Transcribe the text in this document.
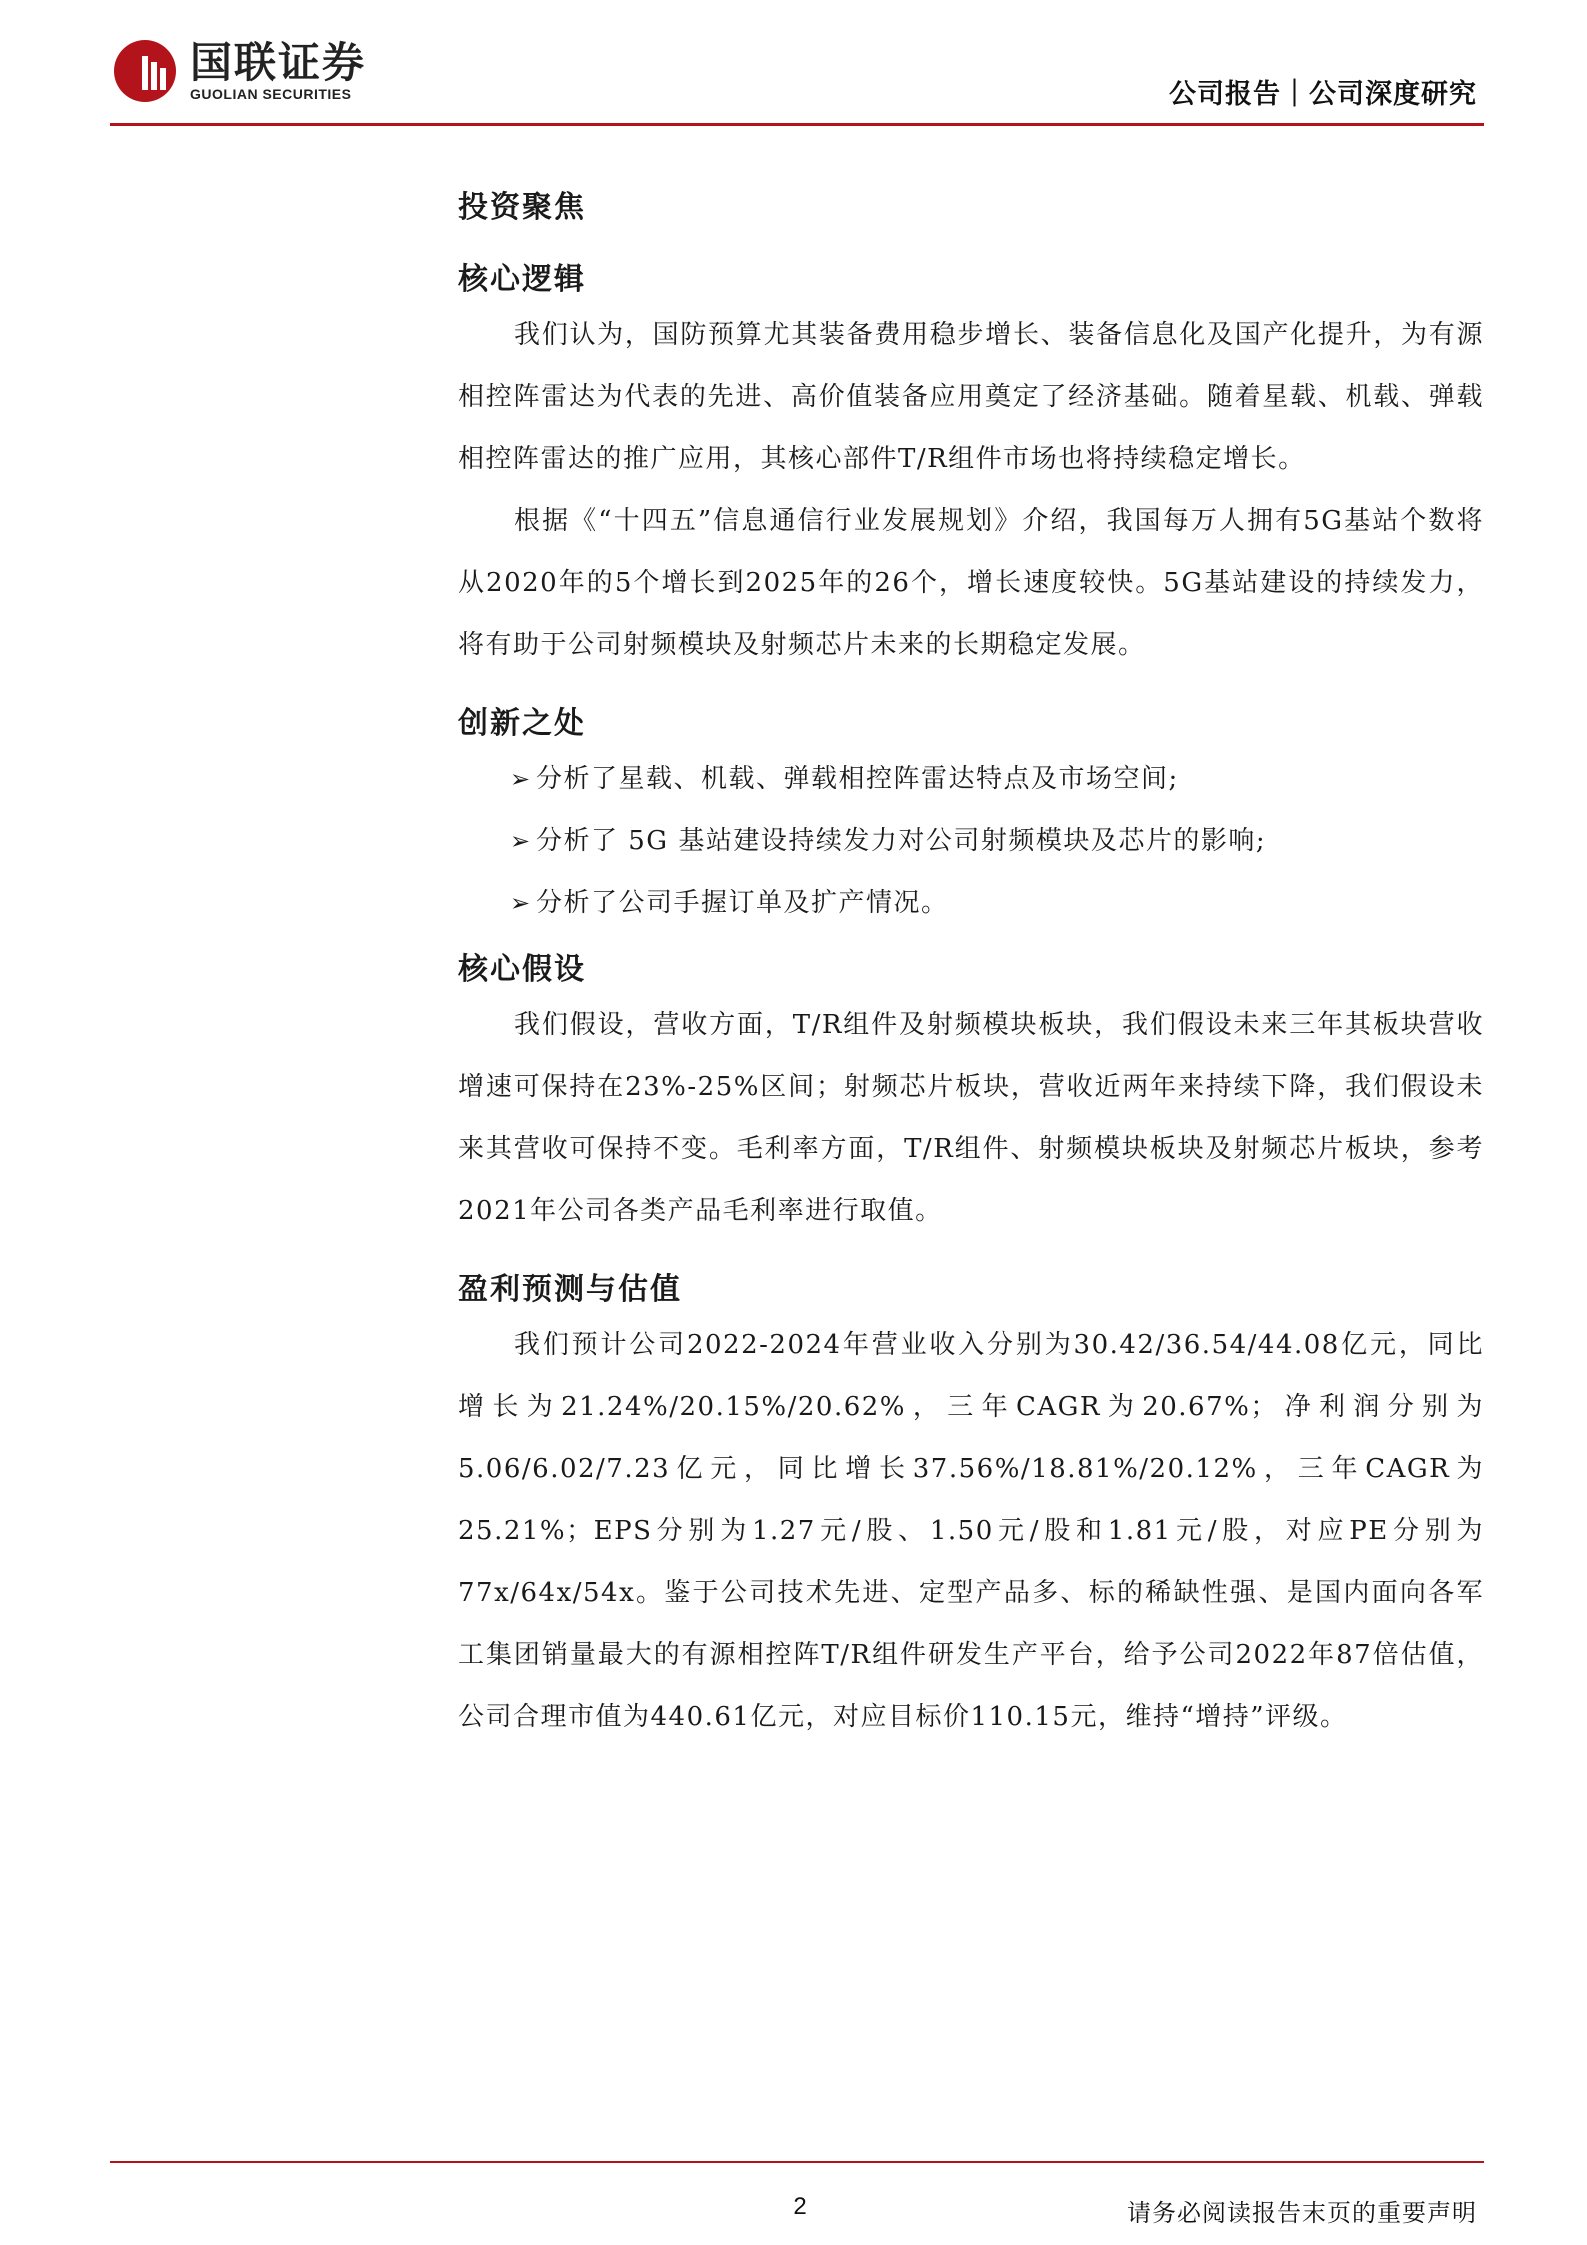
国联证券
GUOLIAN SECURITIES	公司报告｜公司深度研究
投资聚焦
核心逻辑

我们认为，国防预算尤其装备费用稳步增长、装备信息化及国产化提升，为有源相控阵雷达为代表的先进、高价值装备应用奠定了经济基础。随着星载、机载、弹载相控阵雷达的推广应用，其核心部件T/R组件市场也将持续稳定增长。

根据《“十四五”信息通信行业发展规划》介绍，我国每万人拥有5G基站个数将从2020年的5个增长到2025年的26个，增长速度较快。5G基站建设的持续发力，将有助于公司射频模块及射频芯片未来的长期稳定发展。

创新之处
分析了星载、机载、弹载相控阵雷达特点及市场空间;
分析了 5G 基站建设持续发力对公司射频模块及芯片的影响;
分析了公司手握订单及扩产情况。
核心假设

我们假设，营收方面，T/R组件及射频模块板块，我们假设未来三年其板块营收增速可保持在23%-25%区间；射频芯片板块，营收近两年来持续下降，我们假设未来其营收可保持不变。毛利率方面，T/R组件、射频模块板块及射频芯片板块，参考2021年公司各类产品毛利率进行取值。

盈利预测与估值

我们预计公司2022-2024年营业收入分别为30.42/36.54/44.08亿元，同比增长为21.24%/20.15%/20.62%，三年CAGR为20.67%；净利润分别为5.06/6.02/7.23亿元，同比增长37.56%/18.81%/20.12%，三年CAGR为25.21%；EPS分别为1.27元/股、1.50元/股和1.81元/股，对应PE分别为77x/64x/54x。鉴于公司技术先进、定型产品多、标的稀缺性强、是国内面向各军工集团销量最大的有源相控阵T/R组件研发生产平台，给予公司2022年87倍估值，公司合理市值为440.61亿元，对应目标价110.15元，维持“增持”评级。

2	请务必阅读报告末页的重要声明
